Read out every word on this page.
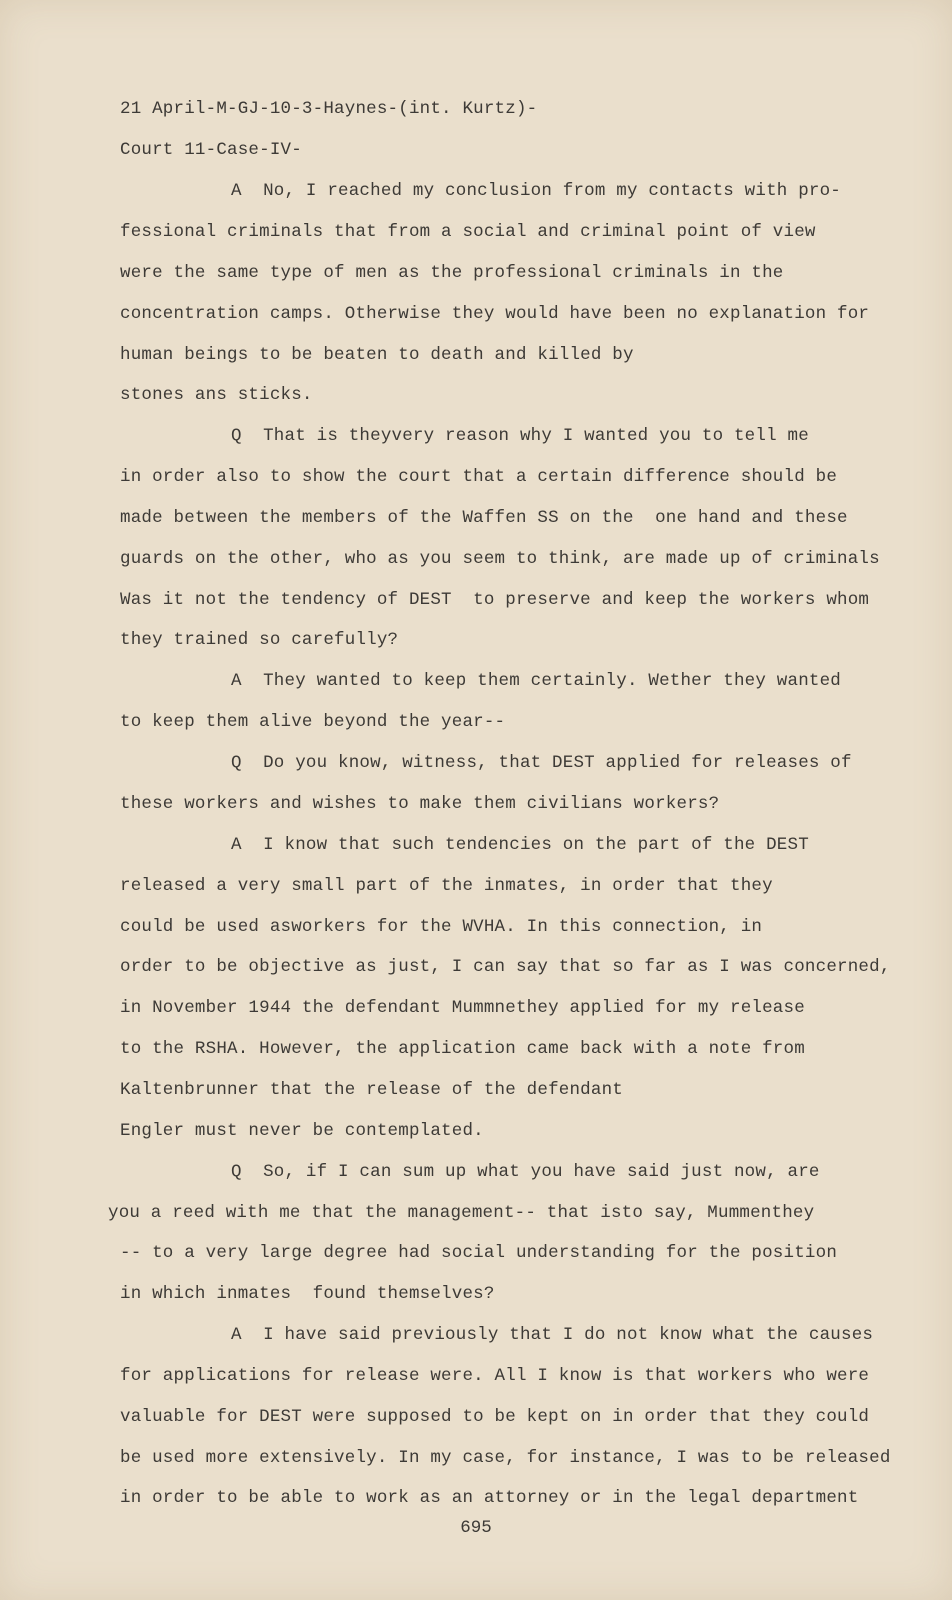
21 April-M-GJ-10-3-Haynes-(int. Kurtz)-
Court 11-Case-IV-
A  No, I reached my conclusion from my contacts with pro-
fessional criminals that from a social and criminal point of view
were the same type of men as the professional criminals in the
concentration camps. Otherwise they would have been no explanation for
human beings to be beaten to death and killed by
stones ans sticks.
Q  That is theyvery reason why I wanted you to tell me
in order also to show the court that a certain difference should be
made between the members of the Waffen SS on the  one hand and these
guards on the other, who as you seem to think, are made up of criminals
Was it not the tendency of DEST  to preserve and keep the workers whom
they trained so carefully?
A  They wanted to keep them certainly. Wether they wanted
to keep them alive beyond the year--
Q  Do you know, witness, that DEST applied for releases of
these workers and wishes to make them civilians workers?
A  I know that such tendencies on the part of the DEST
released a very small part of the inmates, in order that they
could be used asworkers for the WVHA. In this connection, in
order to be objective as just, I can say that so far as I was concerned,
in November 1944 the defendant Mummnethey applied for my release
to the RSHA. However, the application came back with a note from
Kaltenbrunner that the release of the defendant
Engler must never be contemplated.
Q  So, if I can sum up what you have said just now, are
you a reed with me that the management-- that isto say, Mummenthey
-- to a very large degree had social understanding for the position
in which inmates  found themselves?
A  I have said previously that I do not know what the causes
for applications for release were. All I know is that workers who were
valuable for DEST were supposed to be kept on in order that they could
be used more extensively. In my case, for instance, I was to be released
in order to be able to work as an attorney or in the legal department
695
